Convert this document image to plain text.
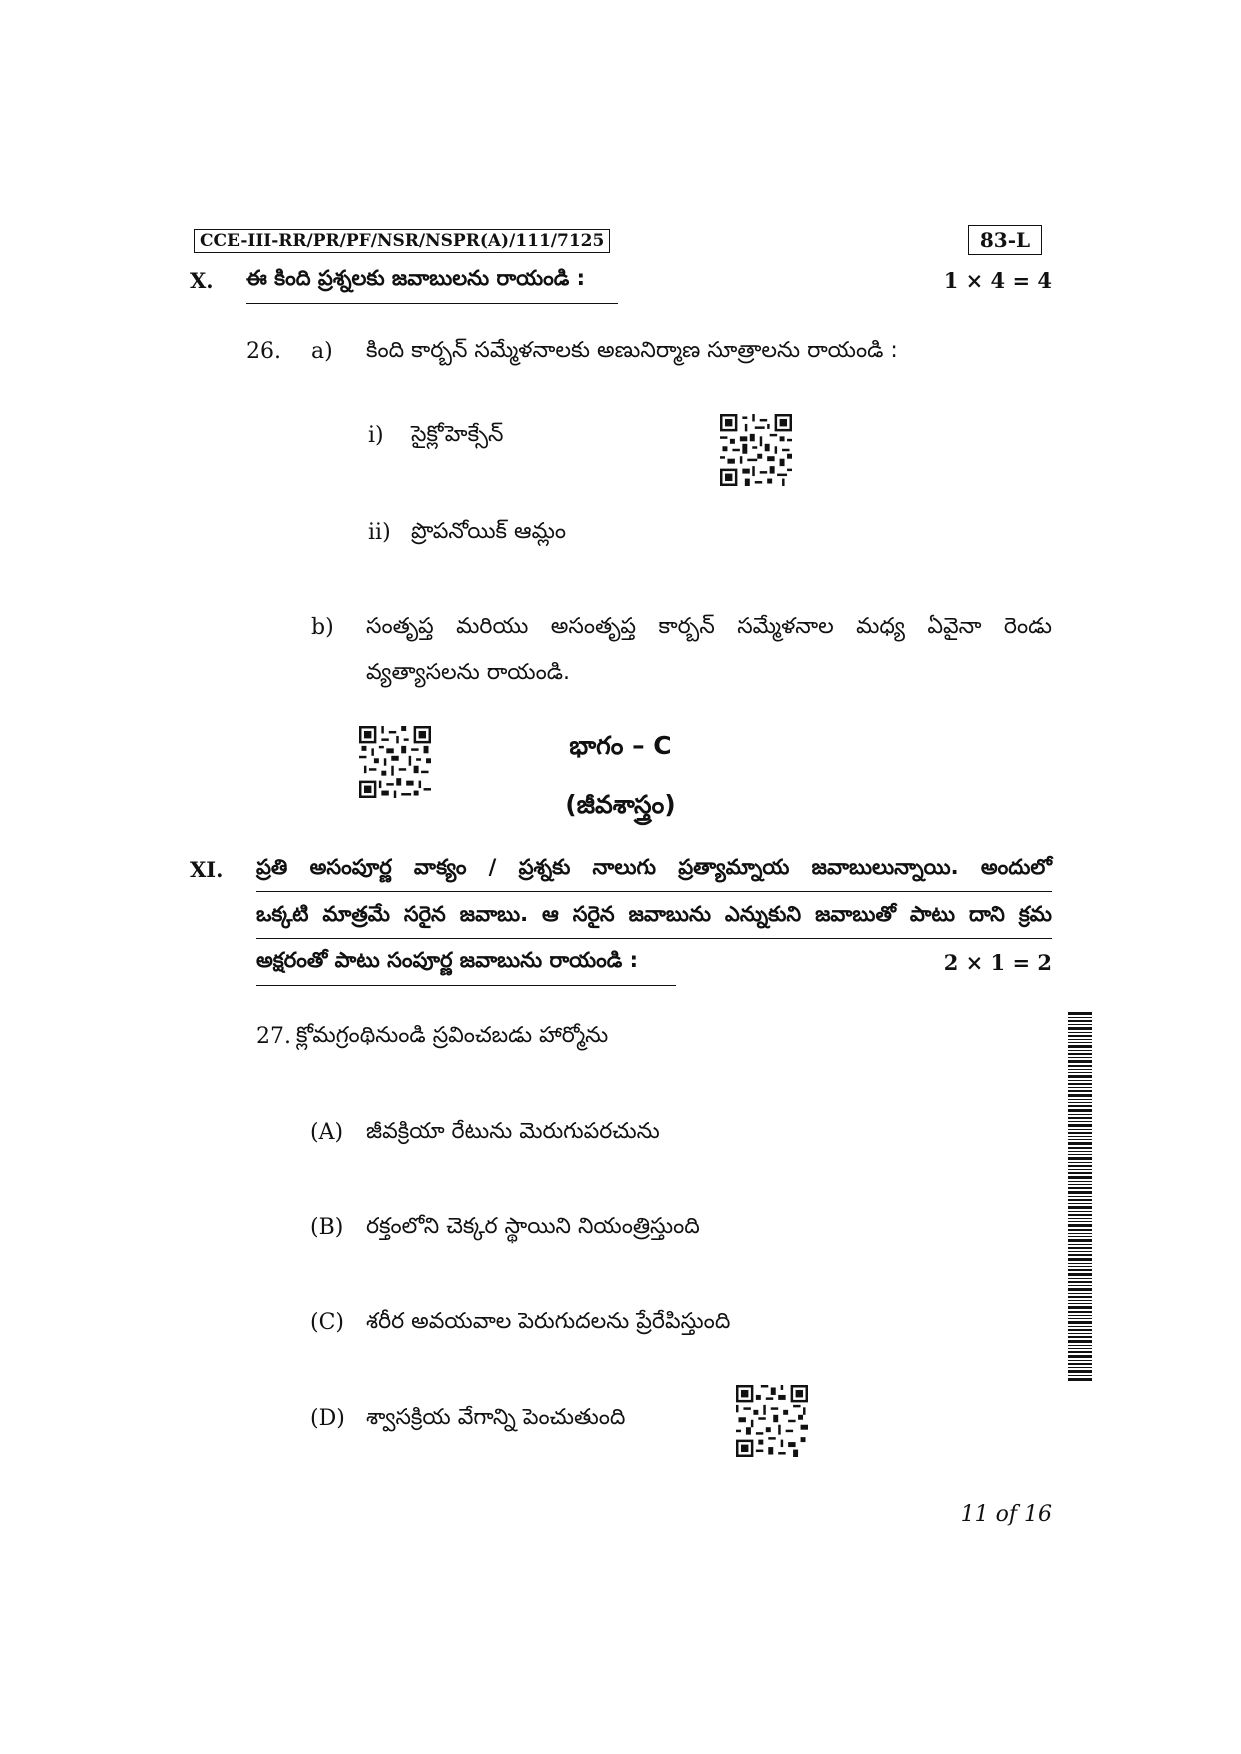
CCE-III-RR/PR/PF/NSR/NSPR(A)/111/7125	83-L
X. ఈ కింది ప్రశ్నలకు జవాబులను రాయండి :	1 × 4 = 4
26. a) కింది కార్బన్ సమ్మేళనాలకు అణునిర్మాణ సూత్రాలను రాయండి :
i) సైక్లోహెక్సేన్
ii) ప్రొపనోయిక్ ఆమ్లం
b) సంతృప్త మరియు అసంతృప్త కార్బన్ సమ్మేళనాల మధ్య ఏవైనా రెండు
వ్యత్యాసలను రాయండి.
భాగం – C
(జీవశాస్త్రం)
XI. ప్రతి అసంపూర్ణ వాక్యం / ప్రశ్నకు నాలుగు ప్రత్యామ్నాయ జవాబులున్నాయి. అందులో
ఒక్కటి మాత్రమే సరైన జవాబు. ఆ సరైన జవాబును ఎన్నుకుని జవాబుతో పాటు దాని క్రమ
అక్షరంతో పాటు సంపూర్ణ జవాబును రాయండి :	2 × 1 = 2
27. క్లోమగ్రంథినుండి స్రవించబడు హార్మోను
(A) జీవక్రియా రేటును మెరుగుపరచును
(B) రక్తంలోని చెక్కర స్థాయిని నియంత్రిస్తుంది
(C) శరీర అవయవాల పెరుగుదలను ప్రేరేపిస్తుంది
(D) శ్వాసక్రియ వేగాన్ని పెంచుతుంది
11 of 16
